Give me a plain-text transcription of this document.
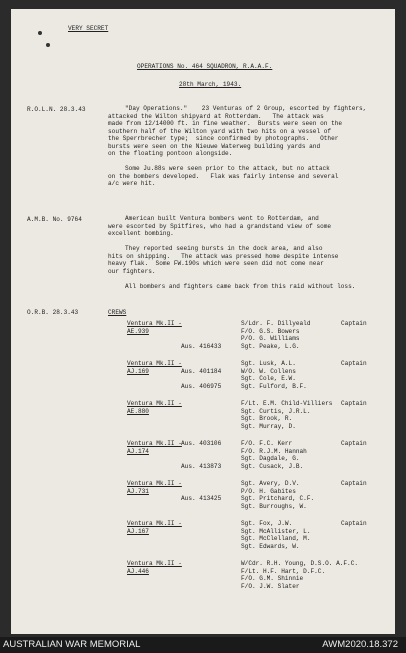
VERY SECRET
OPERATIONS No. 464 SQUADRON, R.A.A.F.
28th March, 1943.
R.O.L.N. 28.3.43
A.M.B. No. 9764
O.R.B. 28.3.43	CREWS
"Day Operations."    23 Venturas of 2 Group, escorted by fighters,
attacked the Wilton shipyard at Rotterdam.   The attack was
made from 12/14000 ft. in fine weather.  Bursts were seen on the
southern half of the Wilton yard with two hits on a vessel of
the Sperrbrecher type;  since confirmed by photographs.   Other
bursts were seen on the Nieuwe Waterweg building yards and
on the floating pontoon alongside.
Some Ju.88s were seen prior to the attack, but no attack
on the bombers developed.   Flak was fairly intense and several
a/c were hit.
American built Ventura bombers went to Rotterdam, and
were escorted by Spitfires, who had a grandstand view of some
excellent bombing.
They reported seeing bursts in the dock area, and also
hits on shipping.   The attack was pressed home despite intense
heavy flak.  Some FW.190s which were seen did not come near
our fighters.
All bombers and fighters came back from this raid without loss.
Ventura Mk.II -
AE.939
S/Ldr. F. Dillyeald	Captain
F/O. G.S. Bowers
P/O. G. Williams
Aus. 416433	Sgt. Peake, L.G.
Ventura Mk.II -
AJ.169
Sgt. Lusk, A.L.	Captain
Aus. 401184	W/O. W. Collens
Sgt. Cole, E.W.
Aus. 406975	Sgt. Fulford, B.F.
Ventura Mk.II -
AE.880
F/Lt. E.M. Child-Villiers Captain
Sgt. Curtis, J.R.L.
Sgt. Brook, R.
Sgt. Murray, D.
Ventura Mk.II -
AJ.174
Aus. 403106	F/O. F.C. Kerr	Captain
F/O. R.J.M. Hannah
Sgt. Dagdale, G.
Aus. 413873	Sgt. Cusack, J.B.
Ventura Mk.II -
AJ.731
Sgt. Avery, D.V.	Captain
P/O. H. Gabites
Aus. 413425	Sgt. Pritchard, C.F.
Sgt. Burroughs, W.
Ventura Mk.II -
AJ.167
Sgt. Fox, J.W.	Captain
Sgt. McAllister, L.
Sgt. McClelland, M.
Sgt. Edwards, W.
Ventura Mk.II -
AJ.446
W/Cdr. R.H. Young, D.S.O. A.F.C.
F/Lt. H.F. Hart, D.F.C.
F/O. G.M. Shinnie
F/O. J.W. Slater
AUSTRALIAN WAR MEMORIAL	AWM2020.18.372
